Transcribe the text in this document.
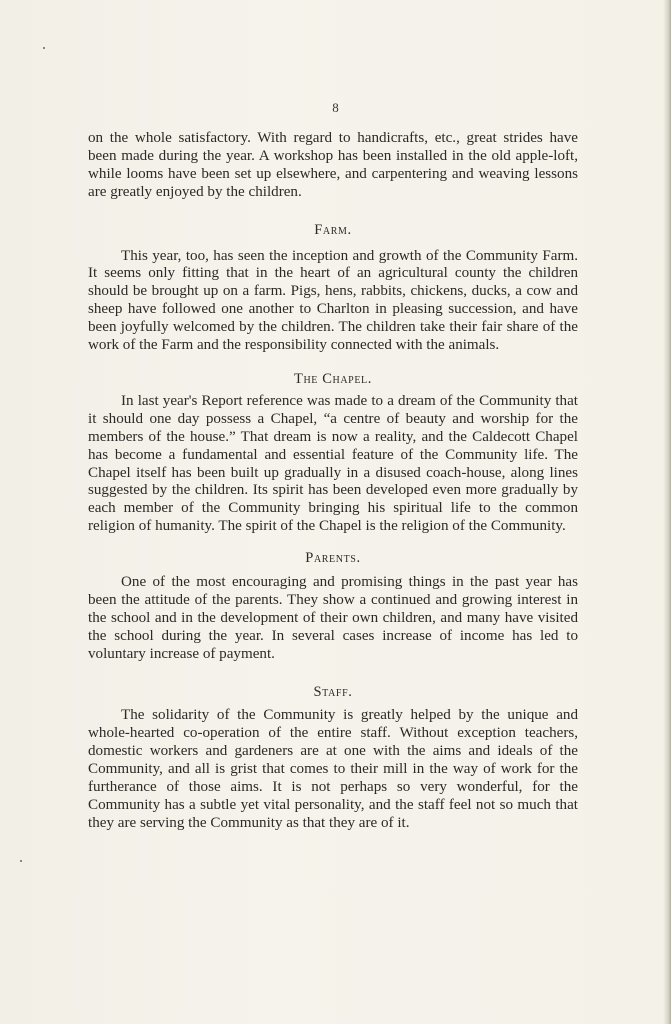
8

on the whole satisfactory. With regard to handicrafts, etc., great strides have been made during the year. A workshop has been installed in the old apple-loft, while looms have been set up elsewhere, and carpentering and weaving lessons are greatly enjoyed by the children.

Farm.

This year, too, has seen the inception and growth of the Community Farm. It seems only fitting that in the heart of an agricultural county the children should be brought up on a farm. Pigs, hens, rabbits, chickens, ducks, a cow and sheep have followed one another to Charlton in pleasing succession, and have been joyfully welcomed by the children. The children take their fair share of the work of the Farm and the responsibility connected with the animals.

The Chapel.

In last year's Report reference was made to a dream of the Community that it should one day possess a Chapel, “a centre of beauty and worship for the members of the house.” That dream is now a reality, and the Caldecott Chapel has become a fundamental and essential feature of the Community life. The Chapel itself has been built up gradually in a disused coach-house, along lines suggested by the children. Its spirit has been developed even more gradually by each member of the Community bringing his spiritual life to the common religion of humanity. The spirit of the Chapel is the religion of the Community.

Parents.

One of the most encouraging and promising things in the past year has been the attitude of the parents. They show a continued and growing interest in the school and in the development of their own children, and many have visited the school during the year. In several cases increase of income has led to voluntary increase of payment.

Staff.

The solidarity of the Community is greatly helped by the unique and whole-hearted co-operation of the entire staff. Without exception teachers, domestic workers and gardeners are at one with the aims and ideals of the Community, and all is grist that comes to their mill in the way of work for the furtherance of those aims. It is not perhaps so very wonderful, for the Community has a subtle yet vital personality, and the staff feel not so much that they are serving the Community as that they are of it.
